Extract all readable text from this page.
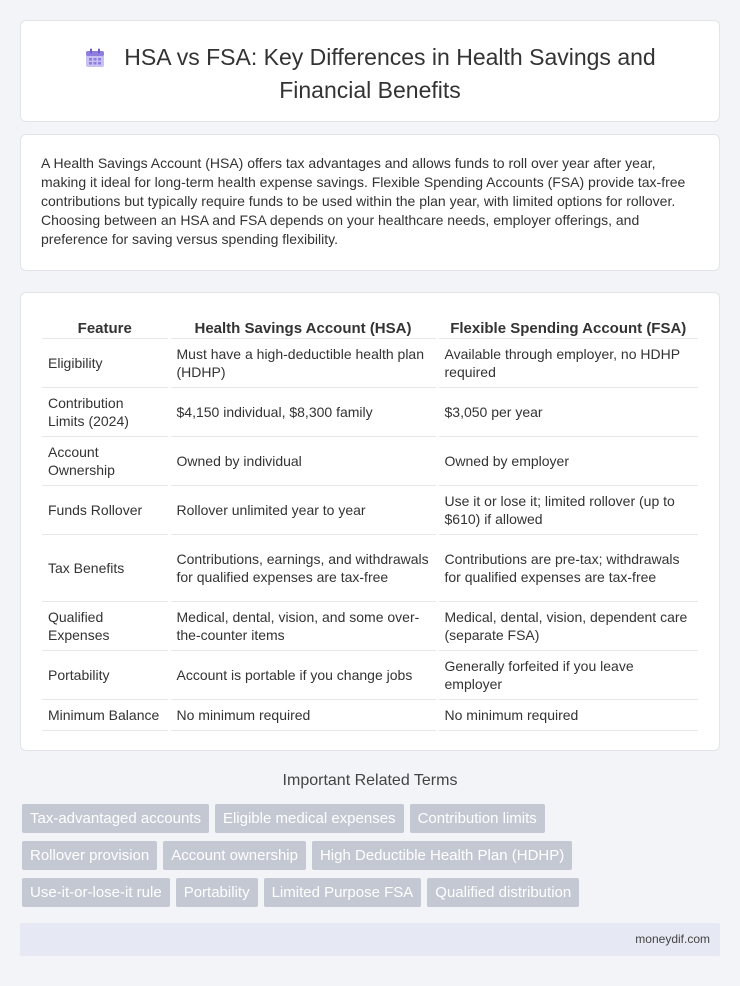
HSA vs FSA: Key Differences in Health Savings and Financial Benefits

A Health Savings Account (HSA) offers tax advantages and allows funds to roll over year after year, making it ideal for long-term health expense savings. Flexible Spending Accounts (FSA) provide tax-free contributions but typically require funds to be used within the plan year, with limited options for rollover. Choosing between an HSA and FSA depends on your healthcare needs, employer offerings, and preference for saving versus spending flexibility.

Feature	Health Savings Account (HSA)	Flexible Spending Account (FSA)
Eligibility	Must have a high-deductible health plan (HDHP)	Available through employer, no HDHP required
Contribution Limits (2024)	$4,150 individual, $8,300 family	$3,050 per year
Account Ownership	Owned by individual	Owned by employer
Funds Rollover	Rollover unlimited year to year	Use it or lose it; limited rollover (up to $610) if allowed
Tax Benefits	Contributions, earnings, and withdrawals for qualified expenses are tax-free	Contributions are pre-tax; withdrawals for qualified expenses are tax-free
Qualified Expenses	Medical, dental, vision, and some over-the-counter items	Medical, dental, vision, dependent care (separate FSA)
Portability	Account is portable if you change jobs	Generally forfeited if you leave employer
Minimum Balance	No minimum required	No minimum required
Important Related Terms
Tax-advantaged accounts	Eligible medical expenses	Contribution limits
Rollover provision	Account ownership	High Deductible Health Plan (HDHP)
Use-it-or-lose-it rule	Portability	Limited Purpose FSA	Qualified distribution
moneydif.com
